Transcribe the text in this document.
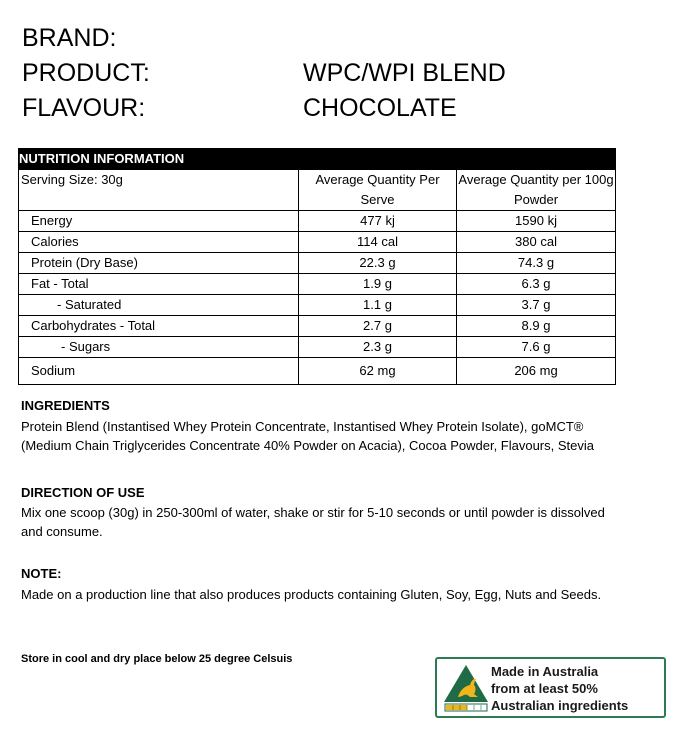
BRAND:
PRODUCT:	WPC/WPI BLEND
FLAVOUR:	CHOCOLATE
NUTRITION INFORMATION		
Serving Size: 30g	Average Quantity Per Serve	Average Quantity per 100g Powder
Energy	477 kj	1590 kj
Calories	114 cal	380 cal
Protein (Dry Base)	22.3 g	74.3 g
Fat - Total	1.9 g	6.3 g
- Saturated	1.1 g	3.7 g
Carbohydrates - Total	2.7 g	8.9 g
- Sugars	2.3 g	7.6 g
Sodium	62 mg	206 mg
INGREDIENTS
Protein Blend (Instantised Whey Protein Concentrate, Instantised Whey Protein Isolate), goMCT® (Medium Chain Triglycerides Concentrate 40% Powder on Acacia), Cocoa Powder, Flavours, Stevia
DIRECTION OF USE
Mix one scoop (30g) in 250-300ml of water, shake or stir for 5-10 seconds or until powder is dissolved and consume.
NOTE:
Made on a production line that also produces products containing Gluten, Soy, Egg, Nuts and Seeds.
Store in cool and dry place below 25 degree Celsuis
Made in Australia
from at least 50%
Australian ingredients
